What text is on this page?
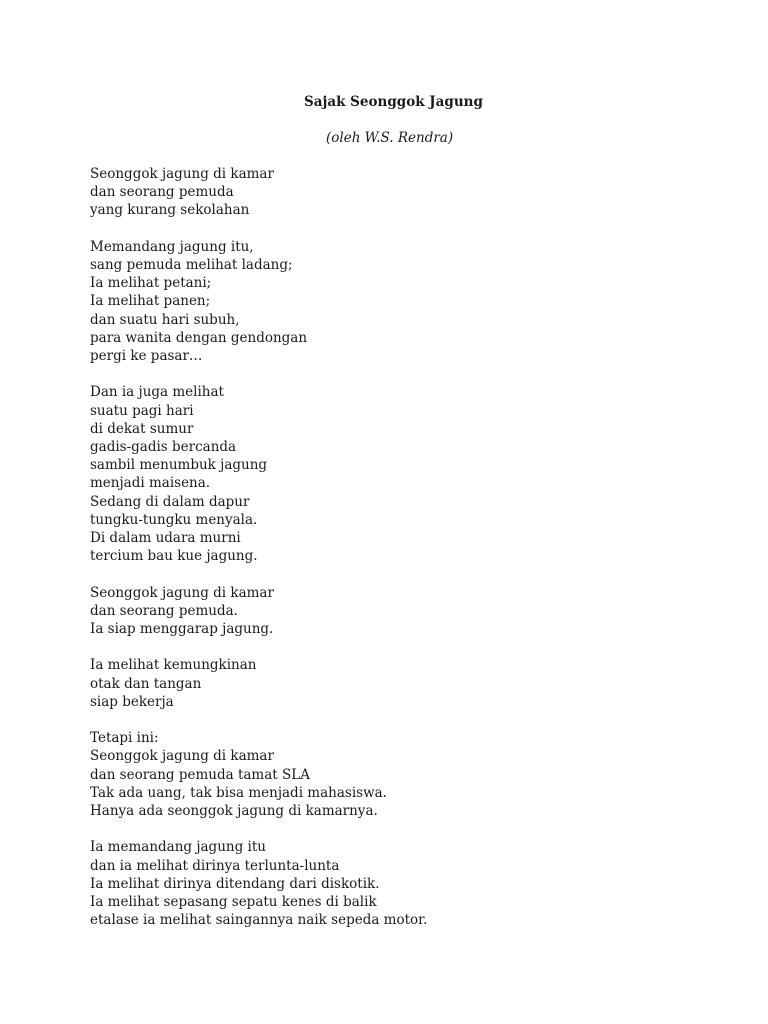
Sajak Seonggok Jagung
(oleh W.S. Rendra)
Seonggok jagung di kamar
dan seorang pemuda
yang kurang sekolahan
Memandang jagung itu,
sang pemuda melihat ladang;
Ia melihat petani;
Ia melihat panen;
dan suatu hari subuh,
para wanita dengan gendongan
pergi ke pasar…
Dan ia juga melihat
suatu pagi hari
di dekat sumur
gadis-gadis bercanda
sambil menumbuk jagung
menjadi maisena.
Sedang di dalam dapur
tungku-tungku menyala.
Di dalam udara murni
tercium bau kue jagung.
Seonggok jagung di kamar
dan seorang pemuda.
Ia siap menggarap jagung.
Ia melihat kemungkinan
otak dan tangan
siap bekerja
Tetapi ini:
Seonggok jagung di kamar
dan seorang pemuda tamat SLA
Tak ada uang, tak bisa menjadi mahasiswa.
Hanya ada seonggok jagung di kamarnya.
Ia memandang jagung itu
dan ia melihat dirinya terlunta-lunta
Ia melihat dirinya ditendang dari diskotik.
Ia melihat sepasang sepatu kenes di balik
etalase ia melihat saingannya naik sepeda motor.
